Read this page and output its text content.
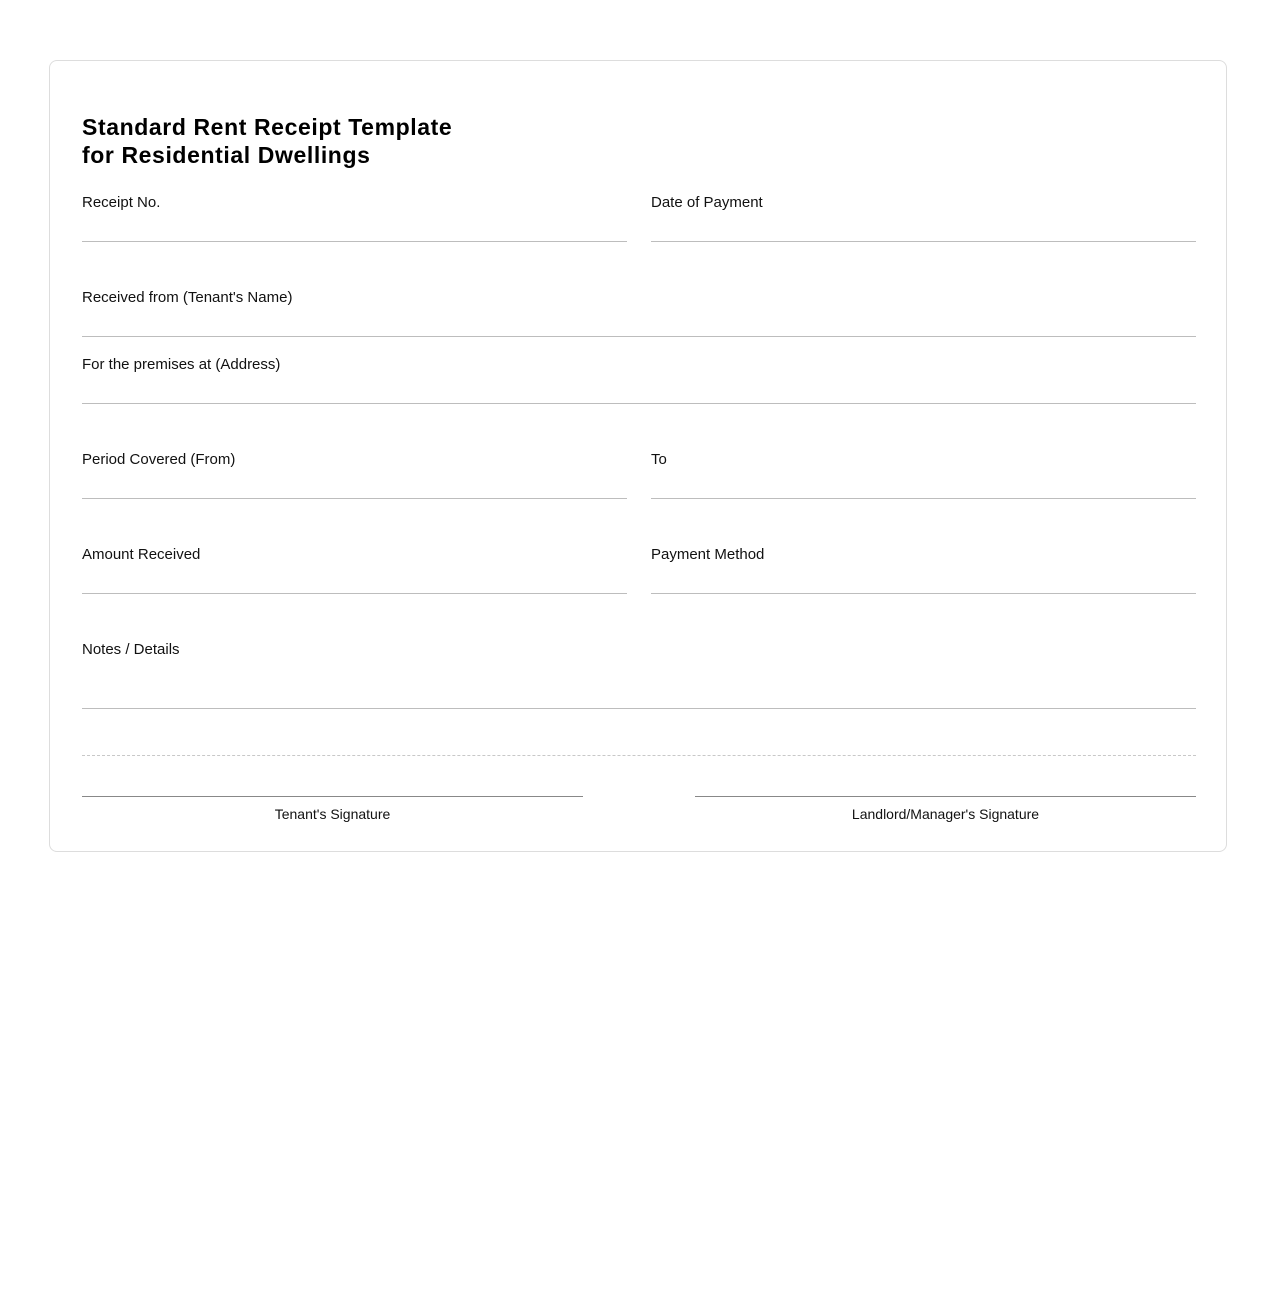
Standard Rent Receipt Template
for Residential Dwellings
Receipt No.	Date of Payment
Received from (Tenant's Name)
For the premises at (Address)
Period Covered (From)	To
Amount Received	Payment Method
Notes / Details
Tenant's Signature	Landlord/Manager's Signature
